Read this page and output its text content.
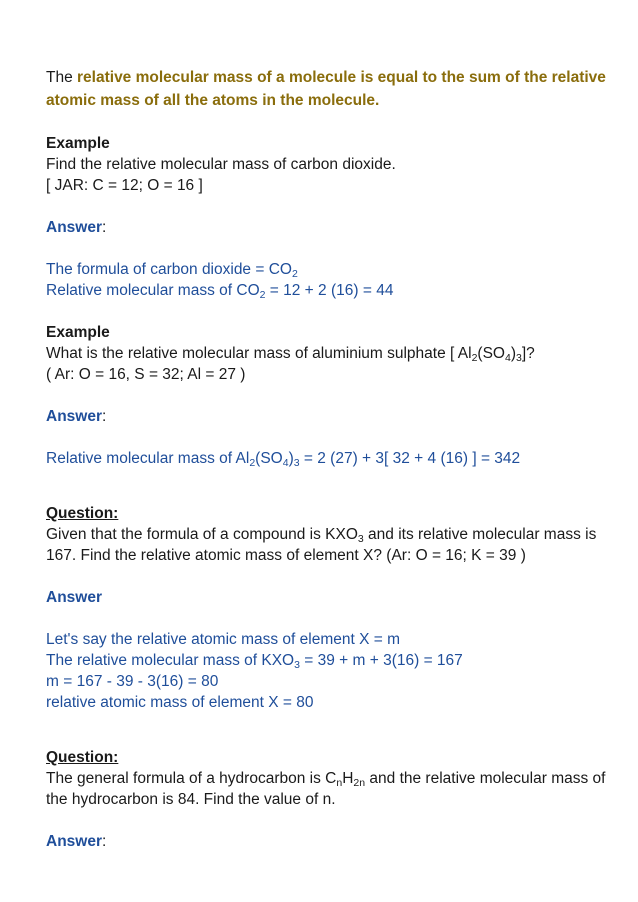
The relative molecular mass of a molecule is equal to the sum of the relative atomic mass of all the atoms in the molecule.

Example

Find the relative molecular mass of carbon dioxide.

[ JAR: C = 12; O = 16 ]

Answer:

The formula of carbon dioxide = $CO_2$

Relative molecular mass of $CO_2 = 12 + 2$ (16) = 44

Example

What is the relative molecular mass of aluminium sulphate [ $Al_2(SO_4)_3$]?

( Ar: O = 16, S = 32; Al = 27 )

Answer:

Relative molecular mass of $Al_2(SO_4)_3 = 2$ (27) + 3[ 32 + 4 (16) ] = 342

Question:

Given that the formula of a compound is $KXO_3$ and its relative molecular mass is 167. Find the relative atomic mass of element X? (Ar: O = 16; K = 39 )

Answer

Let's say the relative atomic mass of element X = m

The relative molecular mass of $KXO_3 = 39 + m + 3(16) = 167$

m = 167 - 39 - 3(16) = 80

relative atomic mass of element X = 80

Question:

The general formula of a hydrocarbon is $C_nH_{2n}$ and the relative molecular mass of the hydrocarbon is 84. Find the value of n.

Answer:
